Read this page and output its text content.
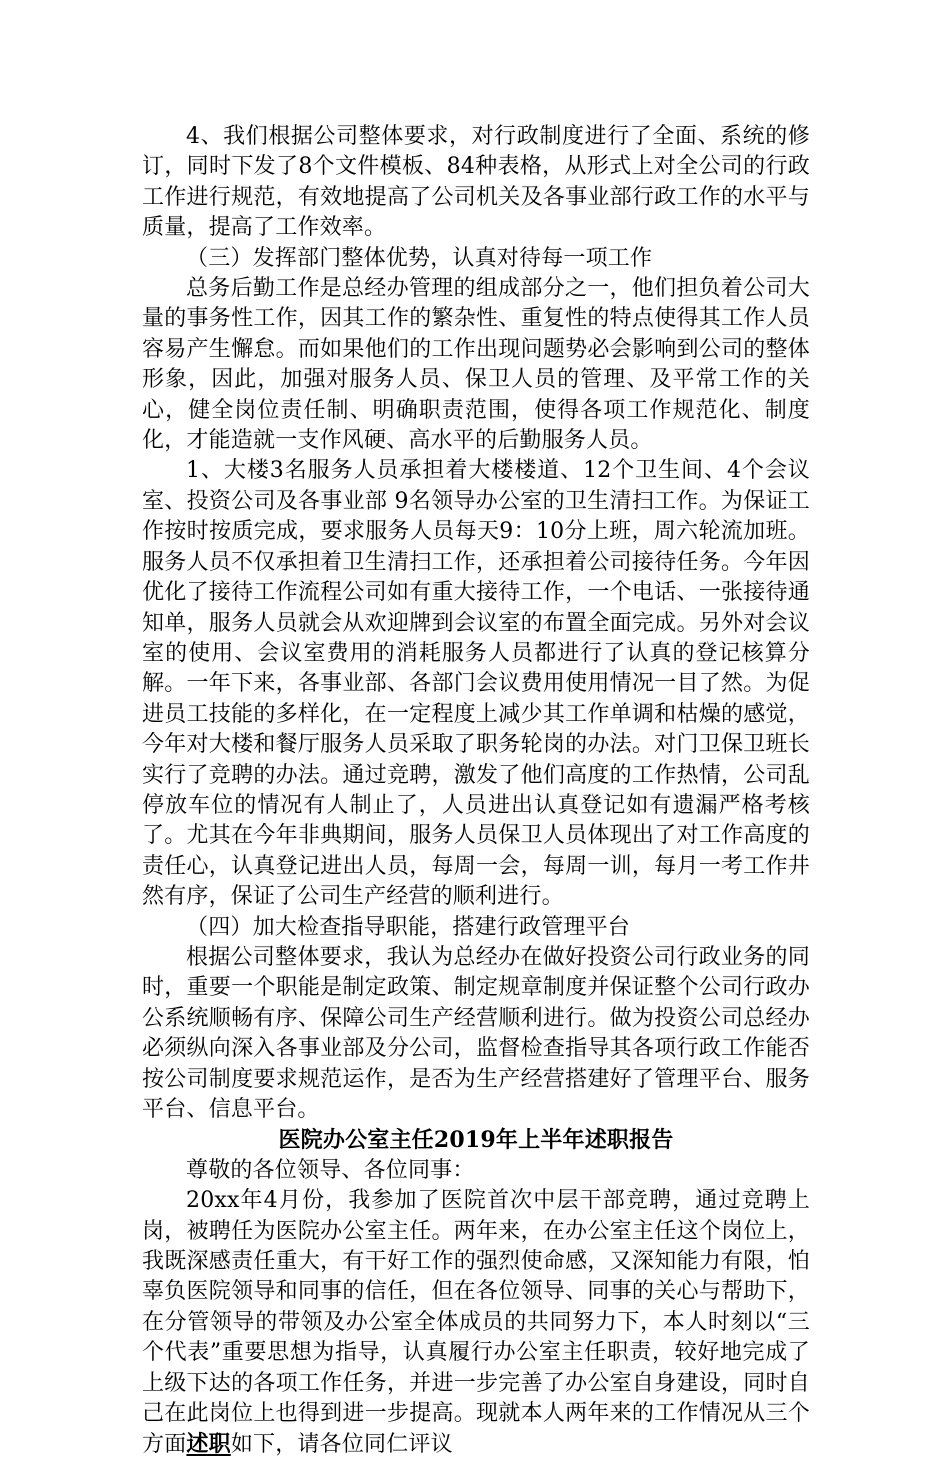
4、我们根据公司整体要求，对行政制度进行了全面、系统的修订，同时下发了8个文件模板、84种表格，从形式上对全公司的行政工作进行规范，有效地提高了公司机关及各事业部行政工作的水平与质量，提高了工作效率。

（三）发挥部门整体优势，认真对待每一项工作

总务后勤工作是总经办管理的组成部分之一，他们担负着公司大量的事务性工作，因其工作的繁杂性、重复性的特点使得其工作人员容易产生懈怠。而如果他们的工作出现问题势必会影响到公司的整体形象，因此，加强对服务人员、保卫人员的管理、及平常工作的关心，健全岗位责任制、明确职责范围，使得各项工作规范化、制度化，才能造就一支作风硬、高水平的后勤服务人员。

1、大楼3名服务人员承担着大楼楼道、12个卫生间、4个会议室、投资公司及各事业部 9名领导办公室的卫生清扫工作。为保证工作按时按质完成，要求服务人员每天9：10分上班，周六轮流加班。服务人员不仅承担着卫生清扫工作，还承担着公司接待任务。今年因优化了接待工作流程公司如有重大接待工作，一个电话、一张接待通知单，服务人员就会从欢迎牌到会议室的布置全面完成。另外对会议室的使用、会议室费用的消耗服务人员都进行了认真的登记核算分解。一年下来，各事业部、各部门会议费用使用情况一目了然。为促进员工技能的多样化，在一定程度上减少其工作单调和枯燥的感觉，今年对大楼和餐厅服务人员采取了职务轮岗的办法。对门卫保卫班长实行了竞聘的办法。通过竞聘，激发了他们高度的工作热情，公司乱停放车位的情况有人制止了，人员进出认真登记如有遗漏严格考核了。尤其在今年非典期间，服务人员保卫人员体现出了对工作高度的责任心，认真登记进出人员，每周一会，每周一训，每月一考工作井然有序，保证了公司生产经营的顺利进行。

（四）加大检查指导职能，搭建行政管理平台

根据公司整体要求，我认为总经办在做好投资公司行政业务的同时，重要一个职能是制定政策、制定规章制度并保证整个公司行政办公系统顺畅有序、保障公司生产经营顺利进行。做为投资公司总经办必须纵向深入各事业部及分公司，监督检查指导其各项行政工作能否按公司制度要求规范运作，是否为生产经营搭建好了管理平台、服务平台、信息平台。

医院办公室主任2019年上半年述职报告

尊敬的各位领导、各位同事：

20xx年4月份，我参加了医院首次中层干部竞聘，通过竞聘上岗，被聘任为医院办公室主任。两年来，在办公室主任这个岗位上，我既深感责任重大，有干好工作的强烈使命感，又深知能力有限，怕辜负医院领导和同事的信任，但在各位领导、同事的关心与帮助下，在分管领导的带领及办公室全体成员的共同努力下，本人时刻以“三个代表”重要思想为指导，认真履行办公室主任职责，较好地完成了上级下达的各项工作任务，并进一步完善了办公室自身建设，同时自己在此岗位上也得到进一步提高。现就本人两年来的工作情况从三个方面述职如下，请各位同仁评议
